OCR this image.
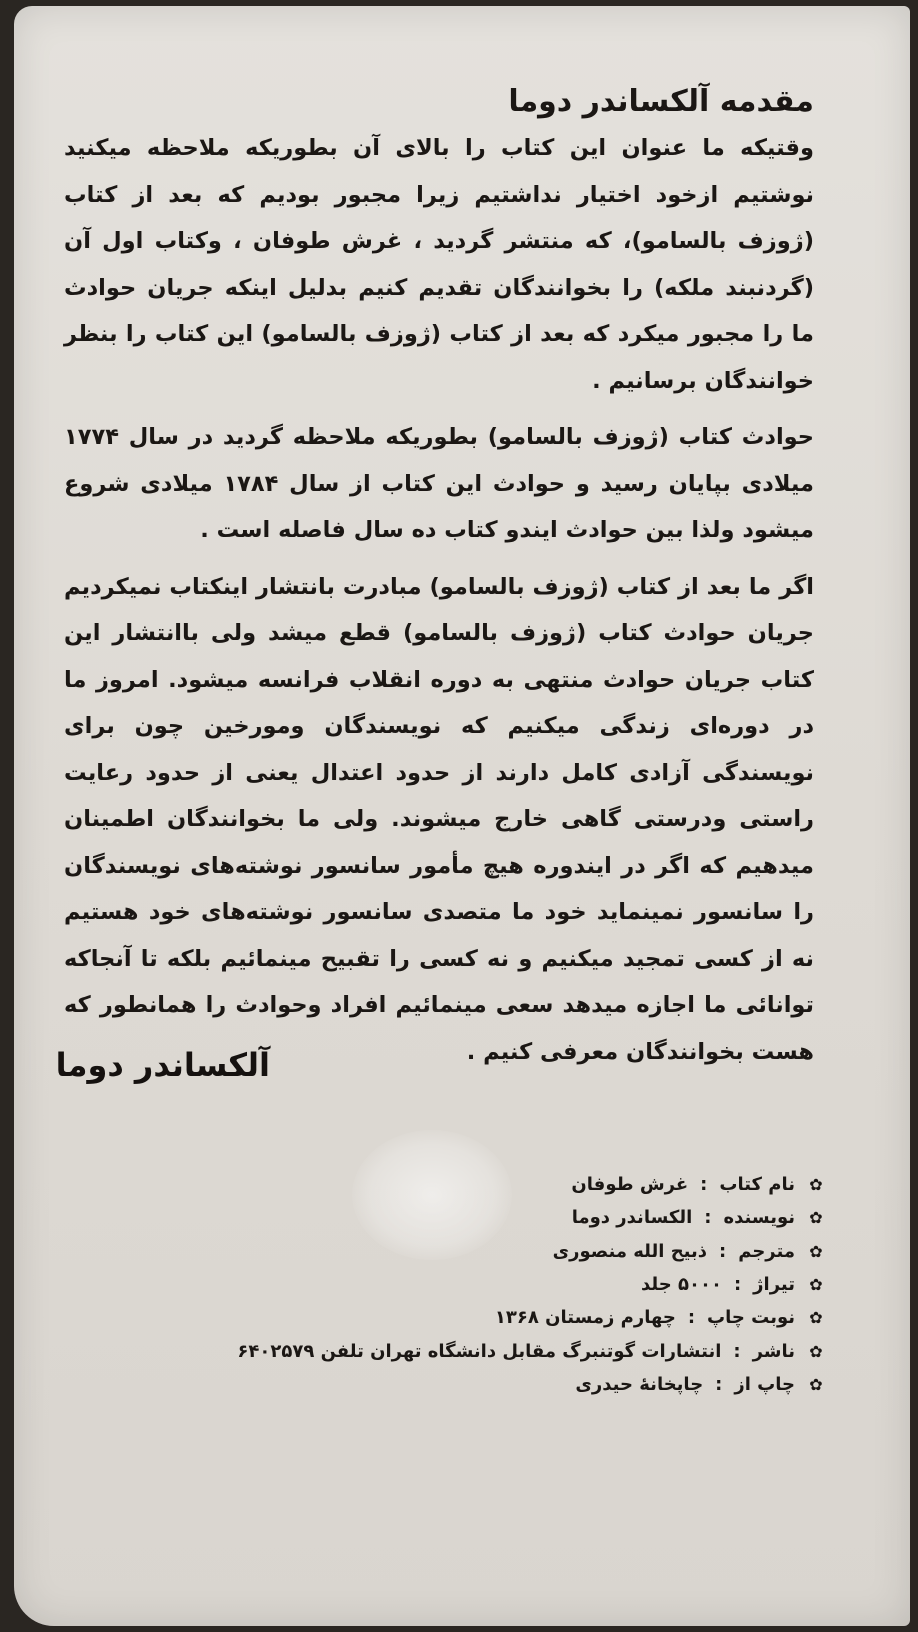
مقدمه آلکساندر دوما

وقتیکه ما عنوان این کتاب را بالای آن بطوریکه ملاحظه میکنید نوشتیم ازخود اختیار نداشتیم زیرا مجبور بودیم که بعد از کتاب (ژوزف بالسامو)، که منتشر گردید ، غرش طوفان ، وکتاب اول آن (گردنبند ملکه) را بخوانندگان تقدیم کنیم بدلیل اینکه جریان حوادث ما را مجبور میکرد که بعد از کتاب (ژوزف بالسامو) این کتاب را بنظر خوانندگان برسانیم .

حوادث کتاب (ژوزف بالسامو) بطوریکه ملاحظه گردید در سال ۱۷۷۴ میلادی بپایان رسید و حوادث این کتاب از سال ۱۷۸۴ میلادی شروع میشود ولذا بین حوادث ایندو کتاب ده سال فاصله است .

اگر ما بعد از کتاب (ژوزف بالسامو) مبادرت بانتشار اینکتاب نمیکردیم جریان حوادث کتاب (ژوزف بالسامو) قطع میشد ولی باانتشار این کتاب جریان حوادث منتهی به دوره انقلاب فرانسه میشود. امروز ما در دوره‌ای زندگی میکنیم که نویسندگان ومورخین چون برای نویسندگی آزادی کامل دارند از حدود اعتدال یعنی از حدود رعایت راستی ودرستی گاهی خارج میشوند. ولی ما بخوانندگان اطمینان میدهیم که اگر در ایندوره هیچ مأمور سانسور نوشته‌های نویسندگان را سانسور نمینماید خود ما متصدی سانسور نوشته‌های خود هستیم نه از کسی تمجید میکنیم و نه کسی را تقبیح مینمائیم بلکه تا آنجاکه توانائی ما اجازه میدهد سعی مینمائیم افراد وحوادث را همانطور که هست بخوانندگان معرفی کنیم .

آلکساندر دوما
✿
نام کتاب
:
غرش طوفان
✿
نویسنده
:
الکساندر دوما
✿
مترجم
:
ذبیح الله منصوری
✿
تیراژ
:
۵۰۰۰ جلد
✿
نوبت چاپ
:
چهارم زمستان ۱۳۶۸
✿
ناشر
:
انتشارات گوتنبرگ مقابل دانشگاه تهران تلفن ۶۴۰۲۵۷۹
✿
چاپ از
:
چاپخانهٔ حیدری
